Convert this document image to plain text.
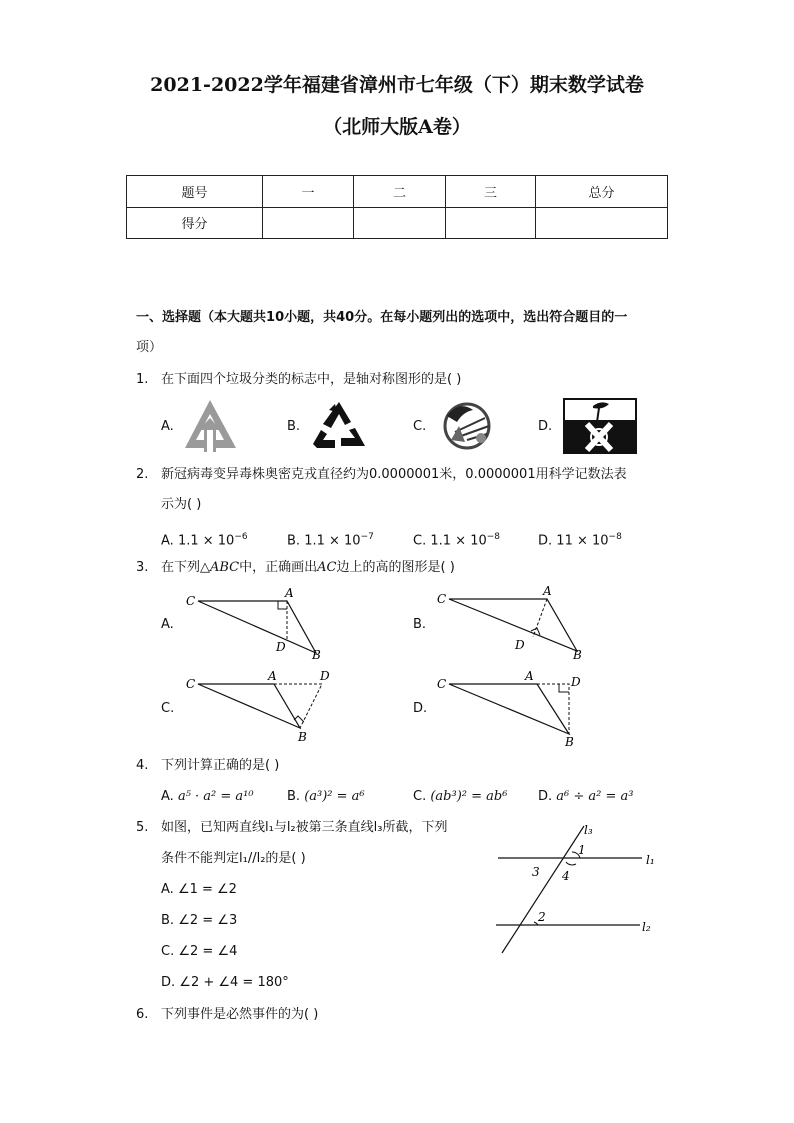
2021-2022学年福建省漳州市七年级（下）期末数学试卷
（北师大版A卷）
题号	一	二	三	总分
得分				
一、选择题（本大题共10小题，共40分。在每小题列出的选项中，选出符合题目的一
项）
1. 在下面四个垃圾分类的标志中，是轴对称图形的是( )
A.	B.	C.	D.
2. 新冠病毒变异毒株奥密克戎直径约为0.0000001米，0.0000001用科学记数法表
示为( )
A. $1.1 \times 10^{-6}$	B. $1.1 \times 10^{-7}$	C. $1.1 \times 10^{-8}$	D. $11 \times 10^{-8}$
3. 在下列△ABC中，正确画出AC边上的高的图形是( )
A.	B.
C.	D.
C
A
D
B
C
A
D
B
C
A	D
B
C
A	D
B
4. 下列计算正确的是( )
A. a⁵ · a² = a¹⁰	B. (a³)² = a⁶	C. (ab³)² = ab⁶ D. a⁶ ÷ a² = a³
5. 如图，已知两直线l₁与l₂被第三条直线l₃所截，下列
条件不能判定l₁//l₂的是( )
A. ∠1 = ∠2
B. ∠2 = ∠3
C. ∠2 = ∠4
D. ∠2 + ∠4 = 180°
l₃
l₁
l₂
1
3 4
2
6. 下列事件是必然事件的为( )
